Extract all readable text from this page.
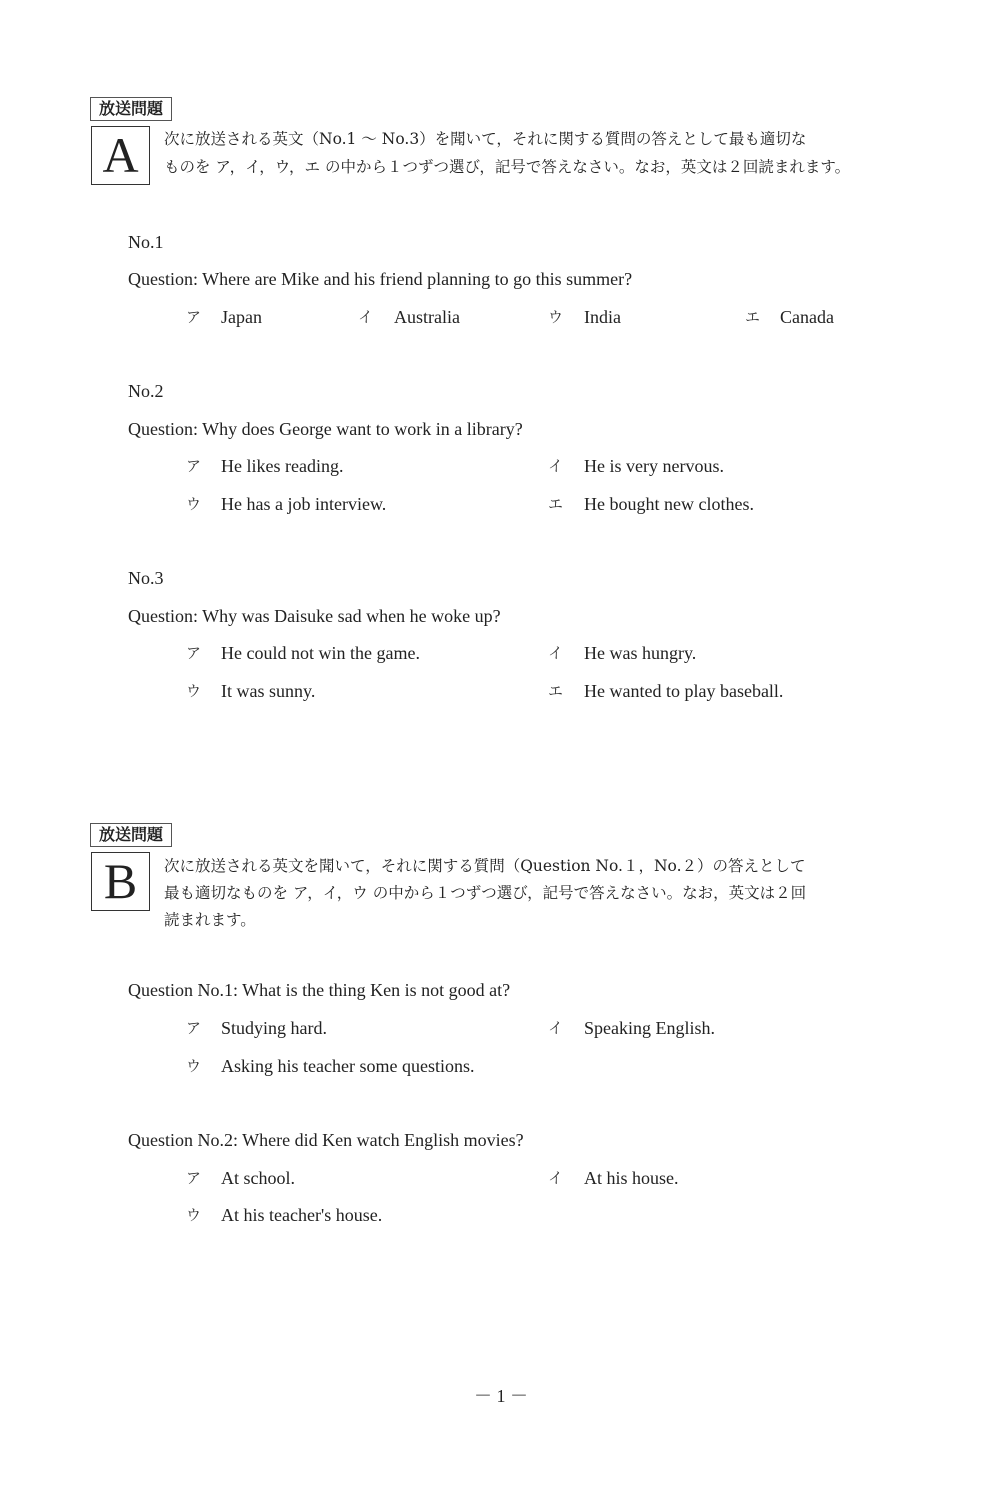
放送問題
A	次に放送される英文（No.1 ～ No.3）を聞いて，それに関する質問の答えとして最も適切な
ものを ア，イ，ウ，エ の中から１つずつ選び，記号で答えなさい。なお，英文は２回読まれます。
No.1
Question: Where are Mike and his friend planning to go this summer?
ア Japan	イ Australia	ウ India	エ Canada
No.2
Question: Why does George want to work in a library?
ア He likes reading.	イ He is very nervous.
ウ He has a job interview.	エ He bought new clothes.
No.3
Question: Why was Daisuke sad when he woke up?
ア He could not win the game.	イ He was hungry.
ウ It was sunny.	エ He wanted to play baseball.
放送問題
B	次に放送される英文を聞いて，それに関する質問（Question No.１，No.２）の答えとして
最も適切なものを ア，イ，ウ の中から１つずつ選び，記号で答えなさい。なお，英文は２回
読まれます。
Question No.1: What is the thing Ken is not good at?
ア Studying hard.	イ Speaking English.
ウ Asking his teacher some questions.
Question No.2: Where did Ken watch English movies?
ア At school.	イ At his house.
ウ At his teacher's house.
－ 1 －
